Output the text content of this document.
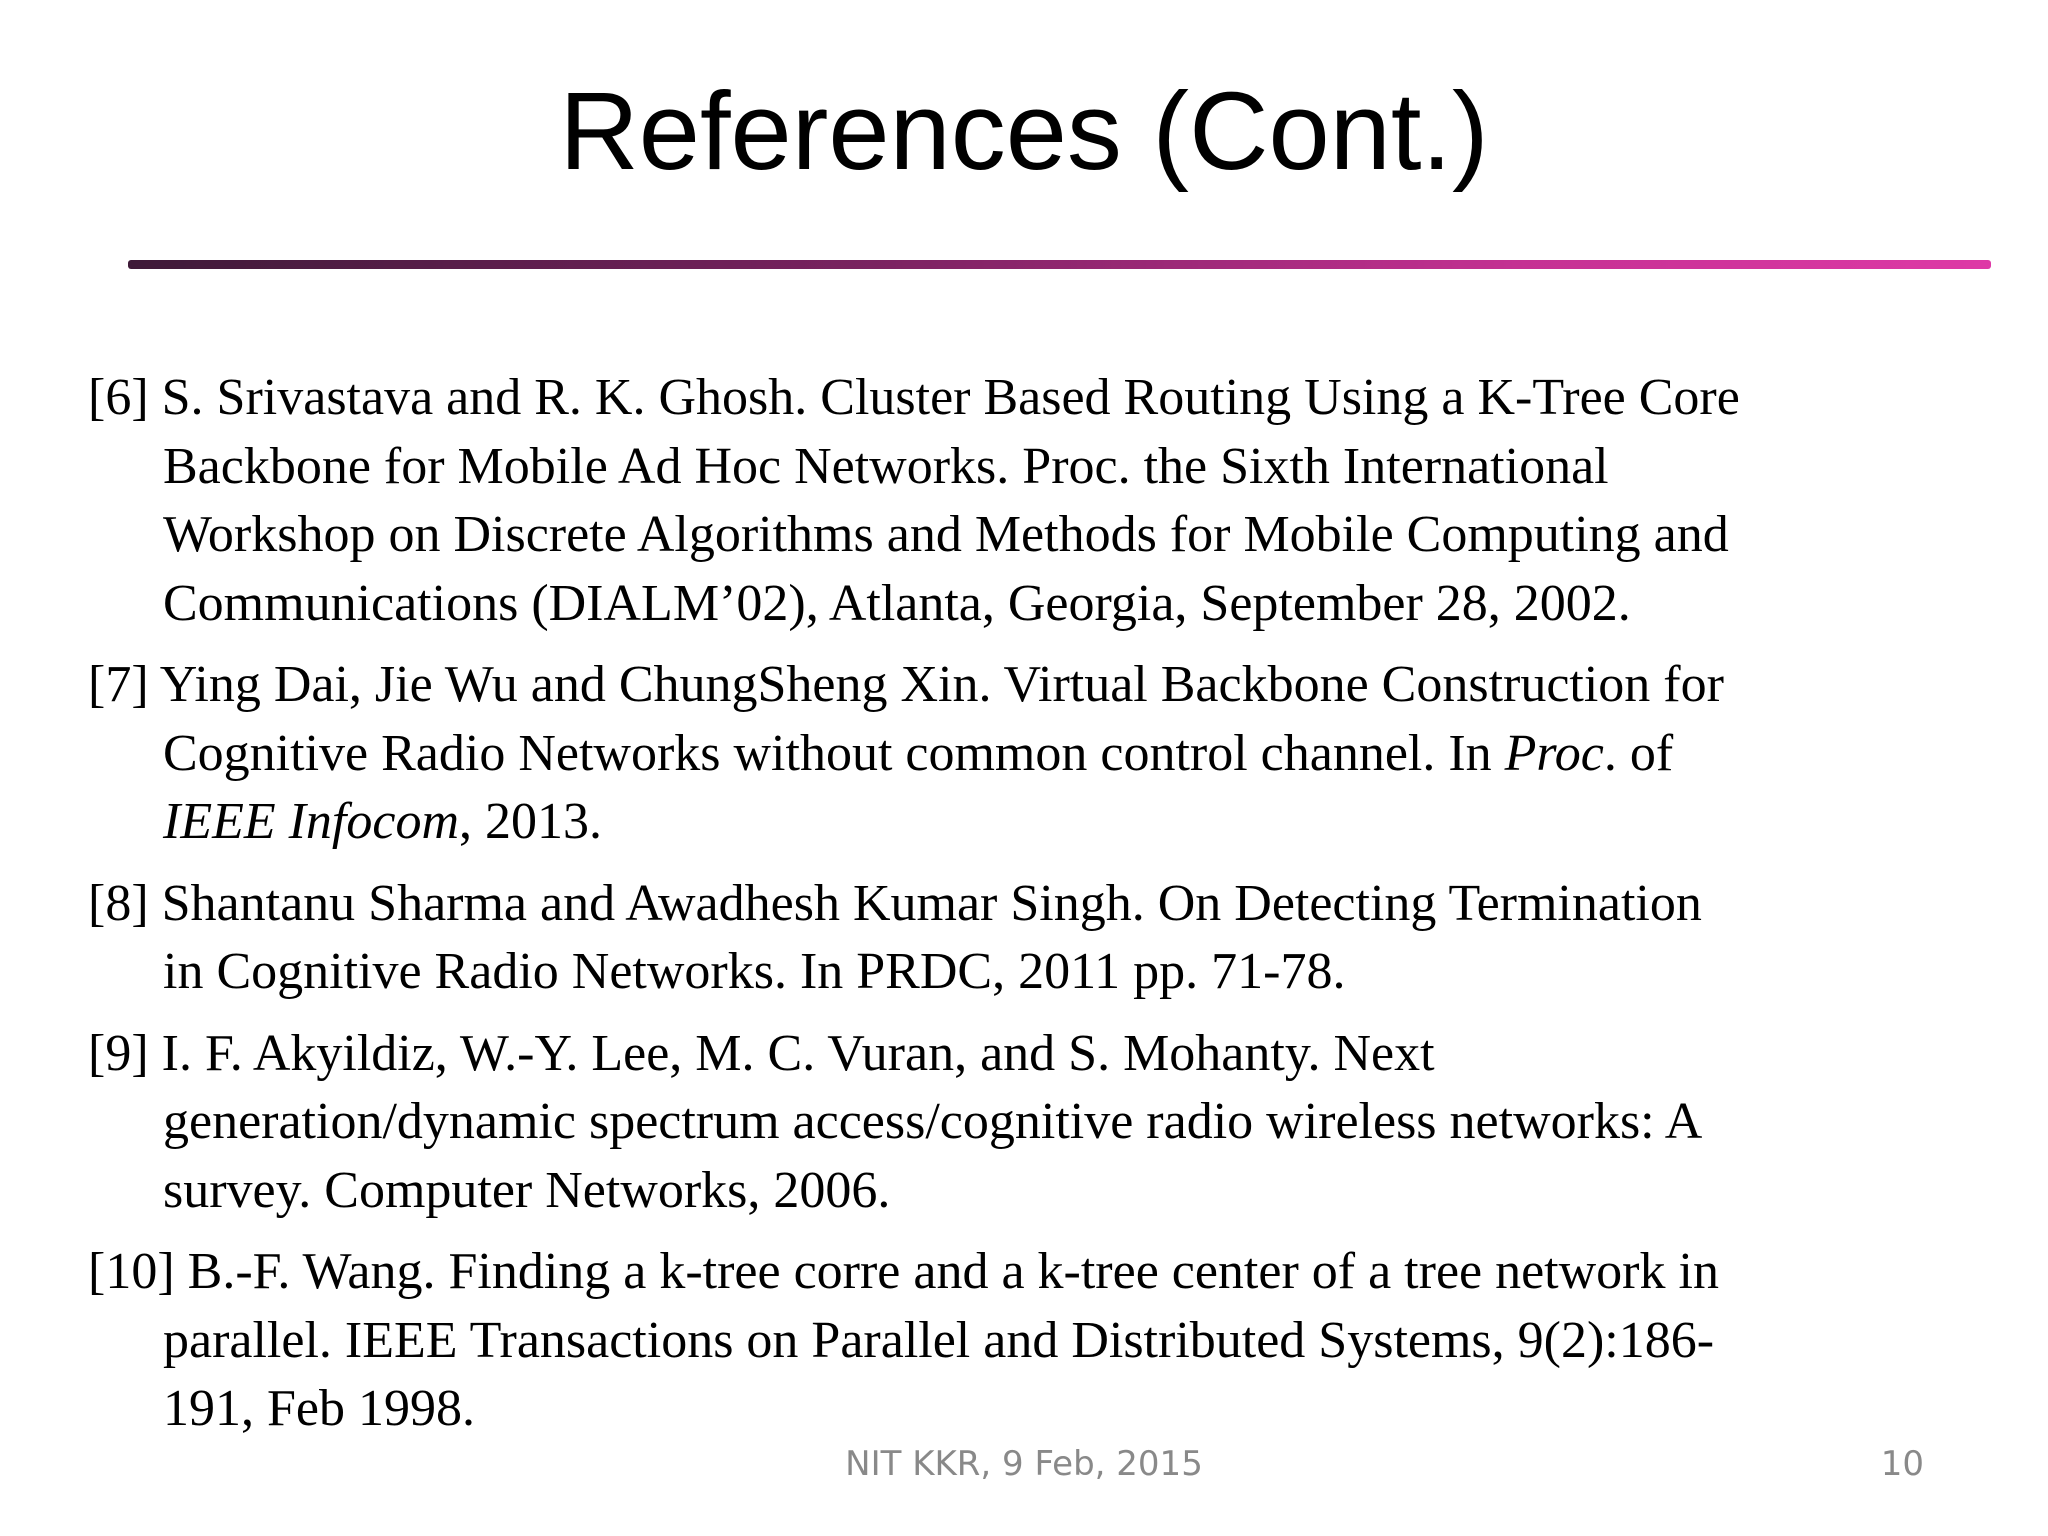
References (Cont.)
[6] S. Srivastava and R. K. Ghosh. Cluster Based Routing Using a K-Tree Core
Backbone for Mobile Ad Hoc Networks. Proc. the Sixth International
Workshop on Discrete Algorithms and Methods for Mobile Computing and
Communications (DIALM’02), Atlanta, Georgia, September 28, 2002.
[7] Ying Dai, Jie Wu and ChungSheng Xin. Virtual Backbone Construction for
Cognitive Radio Networks without common control channel. In Proc. of
IEEE Infocom, 2013.
[8] Shantanu Sharma and Awadhesh Kumar Singh. On Detecting Termination
in Cognitive Radio Networks. In PRDC, 2011 pp. 71-78.
[9] I. F. Akyildiz, W.-Y. Lee, M. C. Vuran, and S. Mohanty. Next
generation/dynamic spectrum access/cognitive radio wireless networks: A
survey. Computer Networks, 2006.
[10] B.-F. Wang. Finding a k-tree corre and a k-tree center of a tree network in
parallel. IEEE Transactions on Parallel and Distributed Systems, 9(2):186-
191, Feb 1998.
NIT KKR, 9 Feb, 2015	10
